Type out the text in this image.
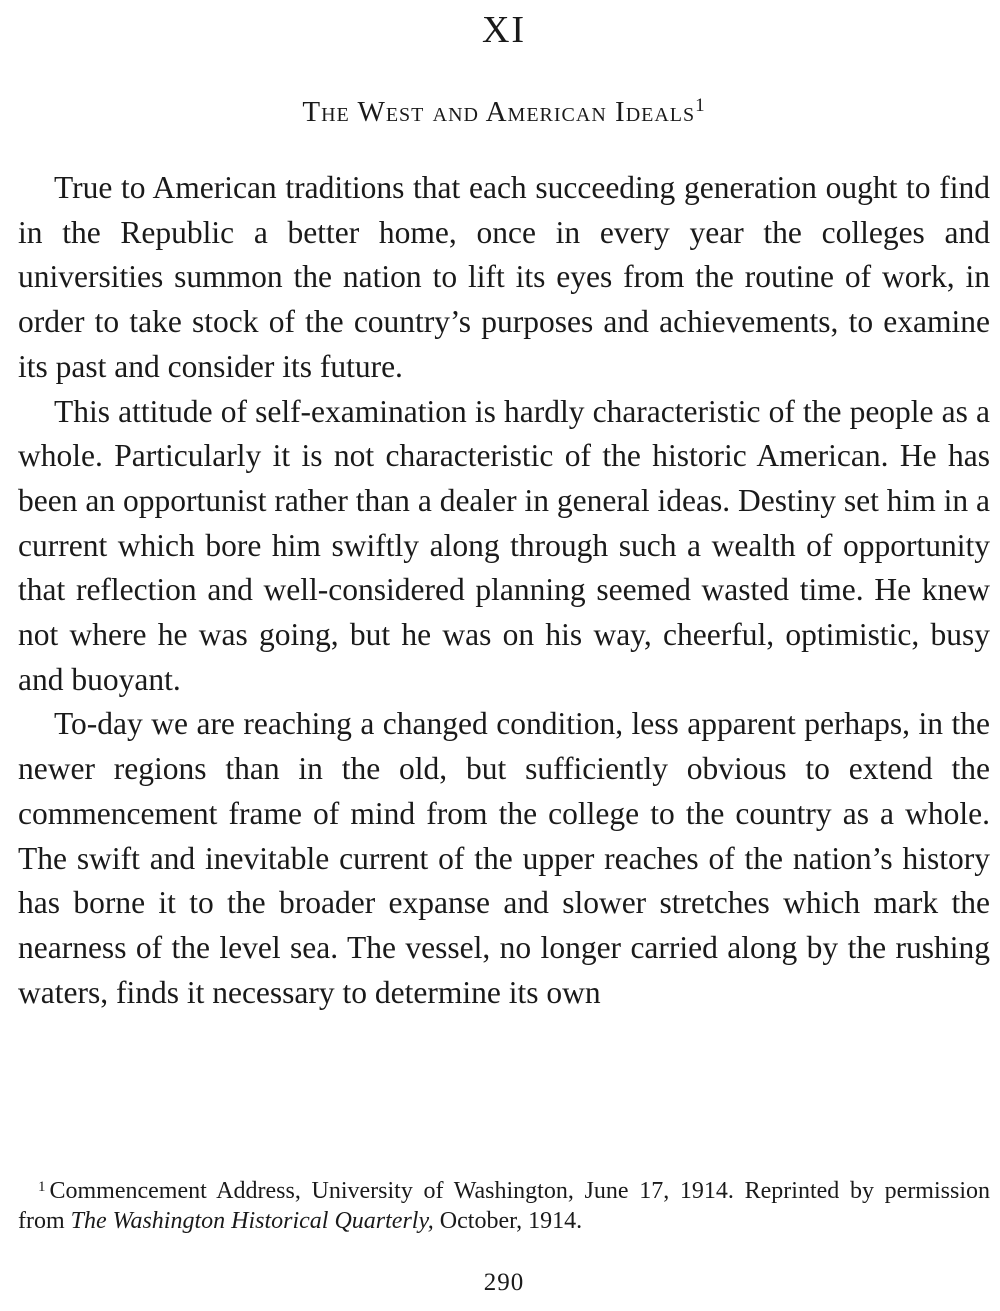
XI
The West and American Ideals$^1$

True to American traditions that each succeeding generation ought to find in the Republic a better home, once in every year the colleges and universities summon the nation to lift its eyes from the routine of work, in order to take stock of the country’s purposes and achievements, to examine its past and consider its future.

This attitude of self-examination is hardly characteristic of the people as a whole. Particularly it is not characteristic of the historic American. He has been an opportunist rather than a dealer in general ideas. Destiny set him in a current which bore him swiftly along through such a wealth of opportunity that reflection and well-considered planning seemed wasted time. He knew not where he was going, but he was on his way, cheerful, optimistic, busy and buoyant.

To-day we are reaching a changed condition, less apparent perhaps, in the newer regions than in the old, but sufficiently obvious to extend the commencement frame of mind from the college to the country as a whole. The swift and inevitable current of the upper reaches of the nation’s history has borne it to the broader expanse and slower stretches which mark the nearness of the level sea. The vessel, no longer carried along by the rushing waters, finds it necessary to determine its own

$^1$ Commencement Address, University of Washington, June 17, 1914. Reprinted by permission from The Washington Historical Quarterly, October, 1914.

290
